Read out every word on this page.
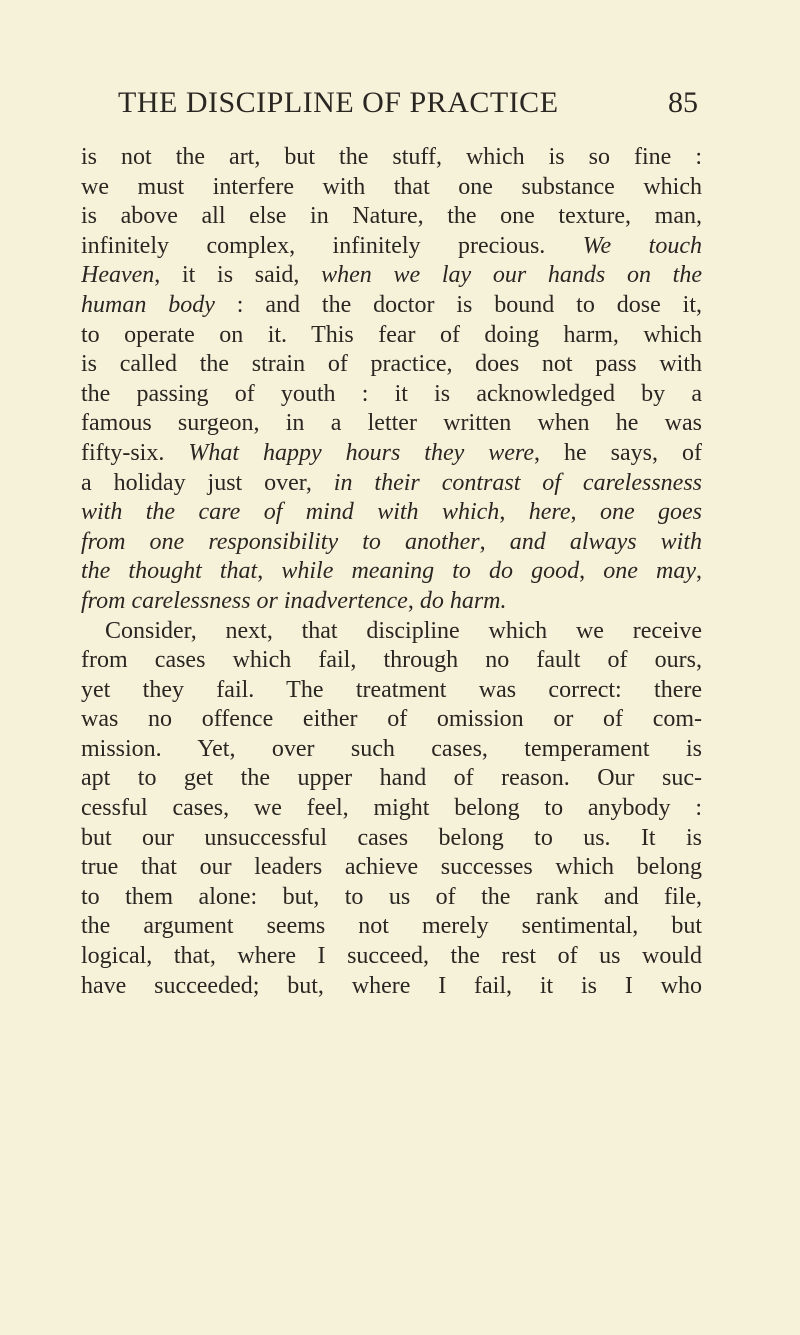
THE DISCIPLINE OF PRACTICE	85
is not the art, but the stuff, which is so fine :
we must interfere with that one substance which
is above all else in Nature, the one texture, man,
infinitely complex, infinitely precious. We touch
Heaven, it is said, when we lay our hands on the
human body : and the doctor is bound to dose it,
to operate on it. This fear of doing harm, which
is called the strain of practice, does not pass with
the passing of youth : it is acknowledged by a
famous surgeon, in a letter written when he was
fifty-six. What happy hours they were, he says, of
a holiday just over, in their contrast of carelessness
with the care of mind with which, here, one goes
from one responsibility to another, and always with
the thought that, while meaning to do good, one may,
from carelessness or inadvertence, do harm.
Consider, next, that discipline which we receive
from cases which fail, through no fault of ours,
yet they fail. The treatment was correct: there
was no offence either of omission or of com-
mission. Yet, over such cases, temperament is
apt to get the upper hand of reason. Our suc-
cessful cases, we feel, might belong to anybody :
but our unsuccessful cases belong to us. It is
true that our leaders achieve successes which belong
to them alone: but, to us of the rank and file,
the argument seems not merely sentimental, but
logical, that, where I succeed, the rest of us would
have succeeded; but, where I fail, it is I who
